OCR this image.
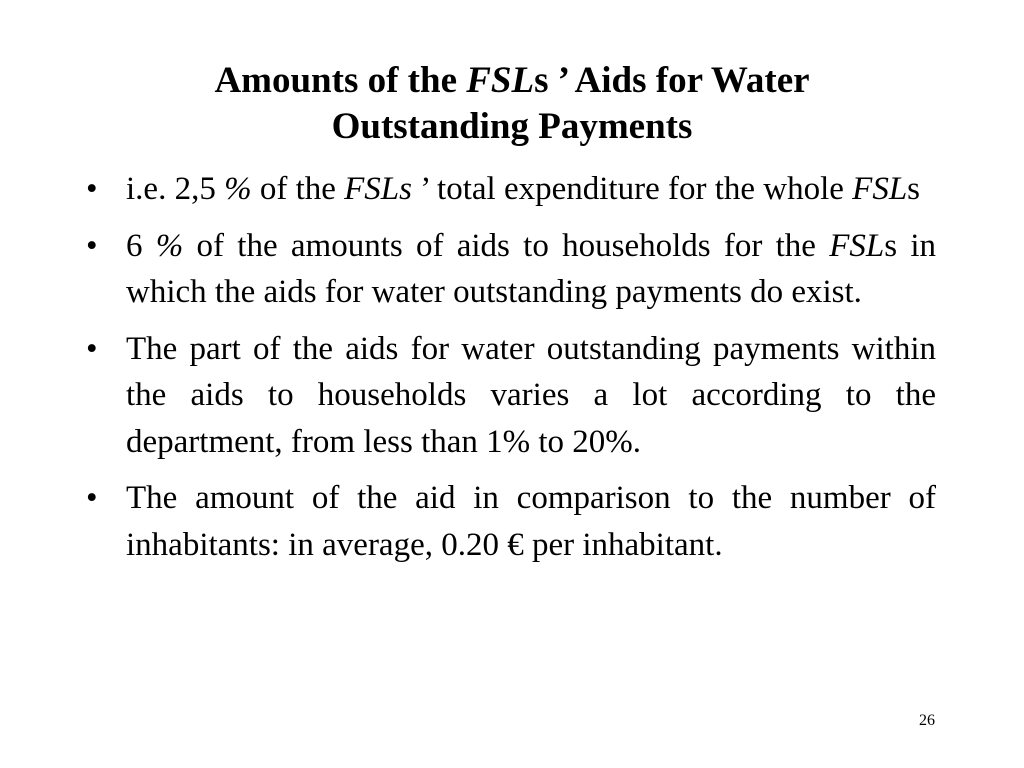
Amounts of the FSLs ’ Aids for Water
Outstanding Payments
•
i.e. 2,5 % of the FSLs ’ total expenditure for the whole FSLs
•
6 % of the amounts of aids to households for the FSLs in which the aids for water outstanding payments do exist.
•
The part of the aids for water outstanding payments within the aids to households varies a lot according to the department, from less than 1% to 20%.
•
The amount of the aid in comparison to the number of inhabitants: in average, 0.20 € per inhabitant.
26
